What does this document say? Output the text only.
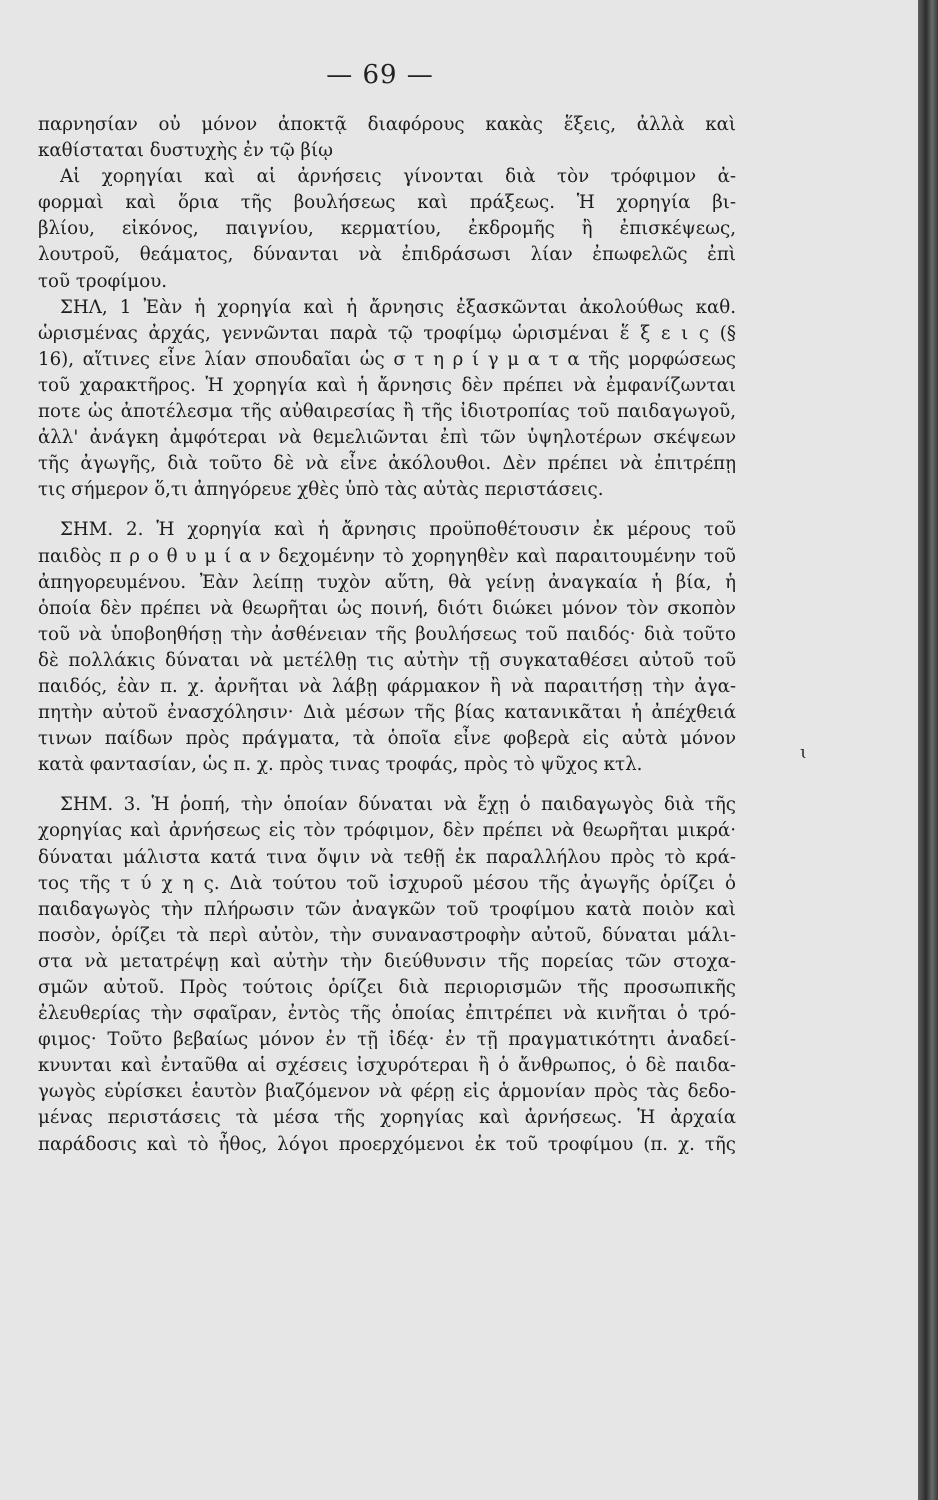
— 69 —
παρνησίαν οὐ μόνον ἀποκτᾷ διαφόρους κακὰς ἕξεις, ἀλλὰ καὶ
καθίσταται δυστυχὴς ἐν τῷ βίῳ
Αἱ χορηγίαι καὶ αἱ ἀρνήσεις γίνονται διὰ τὸν τρόφιμον ἀ-
φορμαὶ καὶ ὅρια τῆς βουλήσεως καὶ πράξεως. Ἡ χορηγία βι-
βλίου, εἰκόνος, παιγνίου, κερματίου, ἐκδρομῆς ἢ ἐπισκέψεως,
λουτροῦ, θεάματος, δύνανται νὰ ἐπιδράσωσι λίαν ἐπωφελῶς ἐπὶ
τοῦ τροφίμου.
ΣΗΛ, 1 Ἐὰν ἡ χορηγία καὶ ἡ ἄρνησις ἐξασκῶνται ἀκολούθως καθ.
ὡρισμένας ἀρχάς, γεννῶνται παρὰ τῷ τροφίμῳ ὡρισμέναι ἕ ξ ε ι ς (§
16), αἵτινες εἶνε λίαν σπουδαῖαι ὡς σ τ η ρ ί γ μ α τ α τῆς μορφώσεως
τοῦ χαρακτῆρος. Ἡ χορηγία καὶ ἡ ἄρνησις δὲν πρέπει νὰ ἐμφανίζωνται
ποτε ὡς ἀποτέλεσμα τῆς αὐθαιρεσίας ἢ τῆς ἰδιοτροπίας τοῦ παιδαγωγοῦ,
ἀλλ' ἀνάγκη ἀμφότεραι νὰ θεμελιῶνται ἐπὶ τῶν ὑψηλοτέρων σκέψεων
τῆς ἀγωγῆς, διὰ τοῦτο δὲ νὰ εἶνε ἀκόλουθοι. Δὲν πρέπει νὰ ἐπιτρέπῃ
τις σήμερον ὅ,τι ἀπηγόρευε χθὲς ὑπὸ τὰς αὐτὰς περιστάσεις.
ΣΗΜ. 2. Ἡ χορηγία καὶ ἡ ἄρνησις προϋποθέτουσιν ἐκ μέρους τοῦ
παιδὸς π ρ ο θ υ μ ί α ν δεχομένην τὸ χορηγηθὲν καὶ παραιτουμένην τοῦ
ἀπηγορευμένου. Ἐὰν λείπῃ τυχὸν αὕτη, θὰ γείνῃ ἀναγκαία ἡ βία, ἡ
ὁποία δὲν πρέπει νὰ θεωρῆται ὡς ποινή, διότι διώκει μόνον τὸν σκοπὸν
τοῦ νὰ ὑποβοηθήσῃ τὴν ἀσθένειαν τῆς βουλήσεως τοῦ παιδός· διὰ τοῦτο
δὲ πολλάκις δύναται νὰ μετέλθῃ τις αὐτὴν τῇ συγκαταθέσει αὐτοῦ τοῦ
παιδός, ἐὰν π. χ. ἀρνῆται νὰ λάβῃ φάρμακον ἢ νὰ παραιτήσῃ τὴν ἀγα-
πητὴν αὐτοῦ ἐνασχόλησιν· Διὰ μέσων τῆς βίας κατανικᾶται ἡ ἀπέχθειά
τινων παίδων πρὸς πράγματα, τὰ ὁποῖα εἶνε φοβερὰ εἰς αὐτὰ μόνον
κατὰ φαντασίαν, ὡς π. χ. πρὸς τινας τροφάς, πρὸς τὸ ψῦχος κτλ.
ΣΗΜ. 3. Ἡ ῥοπή, τὴν ὁποίαν δύναται νὰ ἔχῃ ὁ παιδαγωγὸς διὰ τῆς
χορηγίας καὶ ἀρνήσεως εἰς τὸν τρόφιμον, δὲν πρέπει νὰ θεωρῆται μικρά·
δύναται μάλιστα κατά τινα ὄψιν νὰ τεθῇ ἐκ παραλλήλου πρὸς τὸ κρά-
τος τῆς τ ύ χ η ς. Διὰ τούτου τοῦ ἰσχυροῦ μέσου τῆς ἀγωγῆς ὁρίζει ὁ
παιδαγωγὸς τὴν πλήρωσιν τῶν ἀναγκῶν τοῦ τροφίμου κατὰ ποιὸν καὶ
ποσὸν, ὁρίζει τὰ περὶ αὐτὸν, τὴν συναναστροφὴν αὐτοῦ, δύναται μάλι-
στα νὰ μετατρέψῃ καὶ αὐτὴν τὴν διεύθυνσιν τῆς πορείας τῶν στοχα-
σμῶν αὐτοῦ. Πρὸς τούτοις ὁρίζει διὰ περιορισμῶν τῆς προσωπικῆς
ἐλευθερίας τὴν σφαῖραν, ἐντὸς τῆς ὁποίας ἐπιτρέπει νὰ κινῆται ὁ τρό-
φιμος· Τοῦτο βεβαίως μόνον ἐν τῇ ἰδέᾳ· ἐν τῇ πραγματικότητι ἀναδεί-
κνυνται καὶ ἐνταῦθα αἱ σχέσεις ἰσχυρότεραι ἢ ὁ ἄνθρωπος, ὁ δὲ παιδα-
γωγὸς εὑρίσκει ἑαυτὸν βιαζόμενον νὰ φέρῃ εἰς ἁρμονίαν πρὸς τὰς δεδο-
μένας περιστάσεις τὰ μέσα τῆς χορηγίας καὶ ἀρνήσεως. Ἡ ἀρχαία
παράδοσις καὶ τὸ ἦθος, λόγοι προερχόμενοι ἐκ τοῦ τροφίμου (π. χ. τῆς
ɩ
